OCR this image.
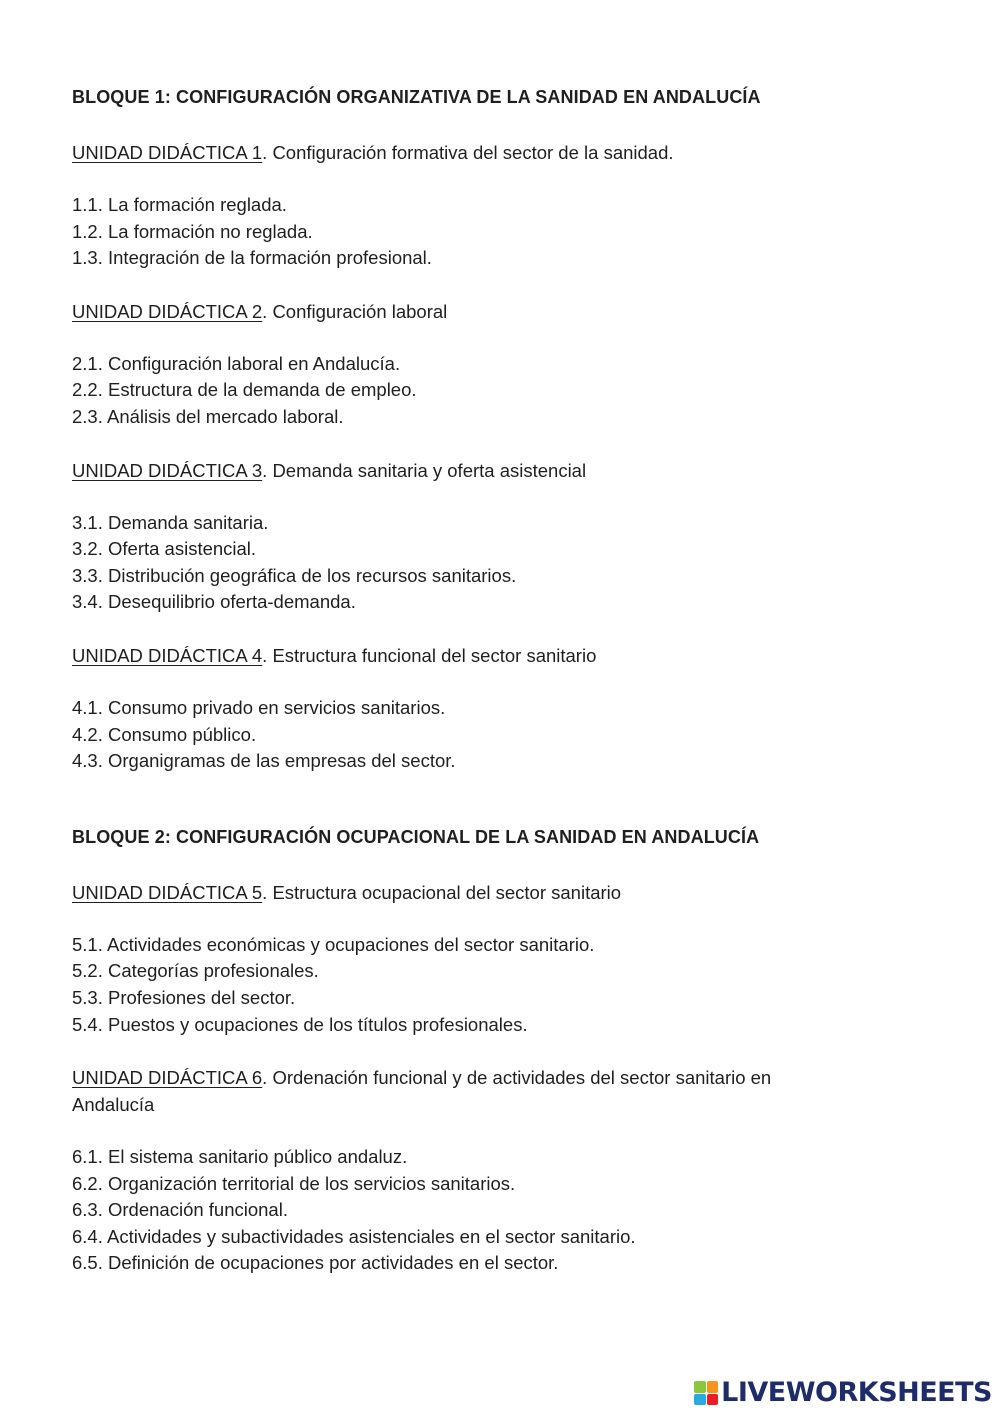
BLOQUE 1: CONFIGURACIÓN ORGANIZATIVA DE LA SANIDAD EN ANDALUCÍA

UNIDAD DIDÁCTICA 1. Configuración formativa del sector de la sanidad.

1.1. La formación reglada.
1.2. La formación no reglada.
1.3. Integración de la formación profesional.

UNIDAD DIDÁCTICA 2. Configuración laboral

2.1. Configuración laboral en Andalucía.
2.2. Estructura de la demanda de empleo.
2.3. Análisis del mercado laboral.

UNIDAD DIDÁCTICA 3. Demanda sanitaria y oferta asistencial

3.1. Demanda sanitaria.
3.2. Oferta asistencial.
3.3. Distribución geográfica de los recursos sanitarios.
3.4. Desequilibrio oferta-demanda.

UNIDAD DIDÁCTICA 4. Estructura funcional del sector sanitario

4.1. Consumo privado en servicios sanitarios.
4.2. Consumo público.
4.3. Organigramas de las empresas del sector.
BLOQUE 2: CONFIGURACIÓN OCUPACIONAL DE LA SANIDAD EN ANDALUCÍA

UNIDAD DIDÁCTICA 5. Estructura ocupacional del sector sanitario

5.1. Actividades económicas y ocupaciones del sector sanitario.
5.2. Categorías profesionales.
5.3. Profesiones del sector.
5.4. Puestos y ocupaciones de los títulos profesionales.

UNIDAD DIDÁCTICA 6. Ordenación funcional y de actividades del sector sanitario en Andalucía

6.1. El sistema sanitario público andaluz.
6.2. Organización territorial de los servicios sanitarios.
6.3. Ordenación funcional.
6.4. Actividades y subactividades asistenciales en el sector sanitario.
6.5. Definición de ocupaciones por actividades en el sector.
LIVEWORKSHEETS
